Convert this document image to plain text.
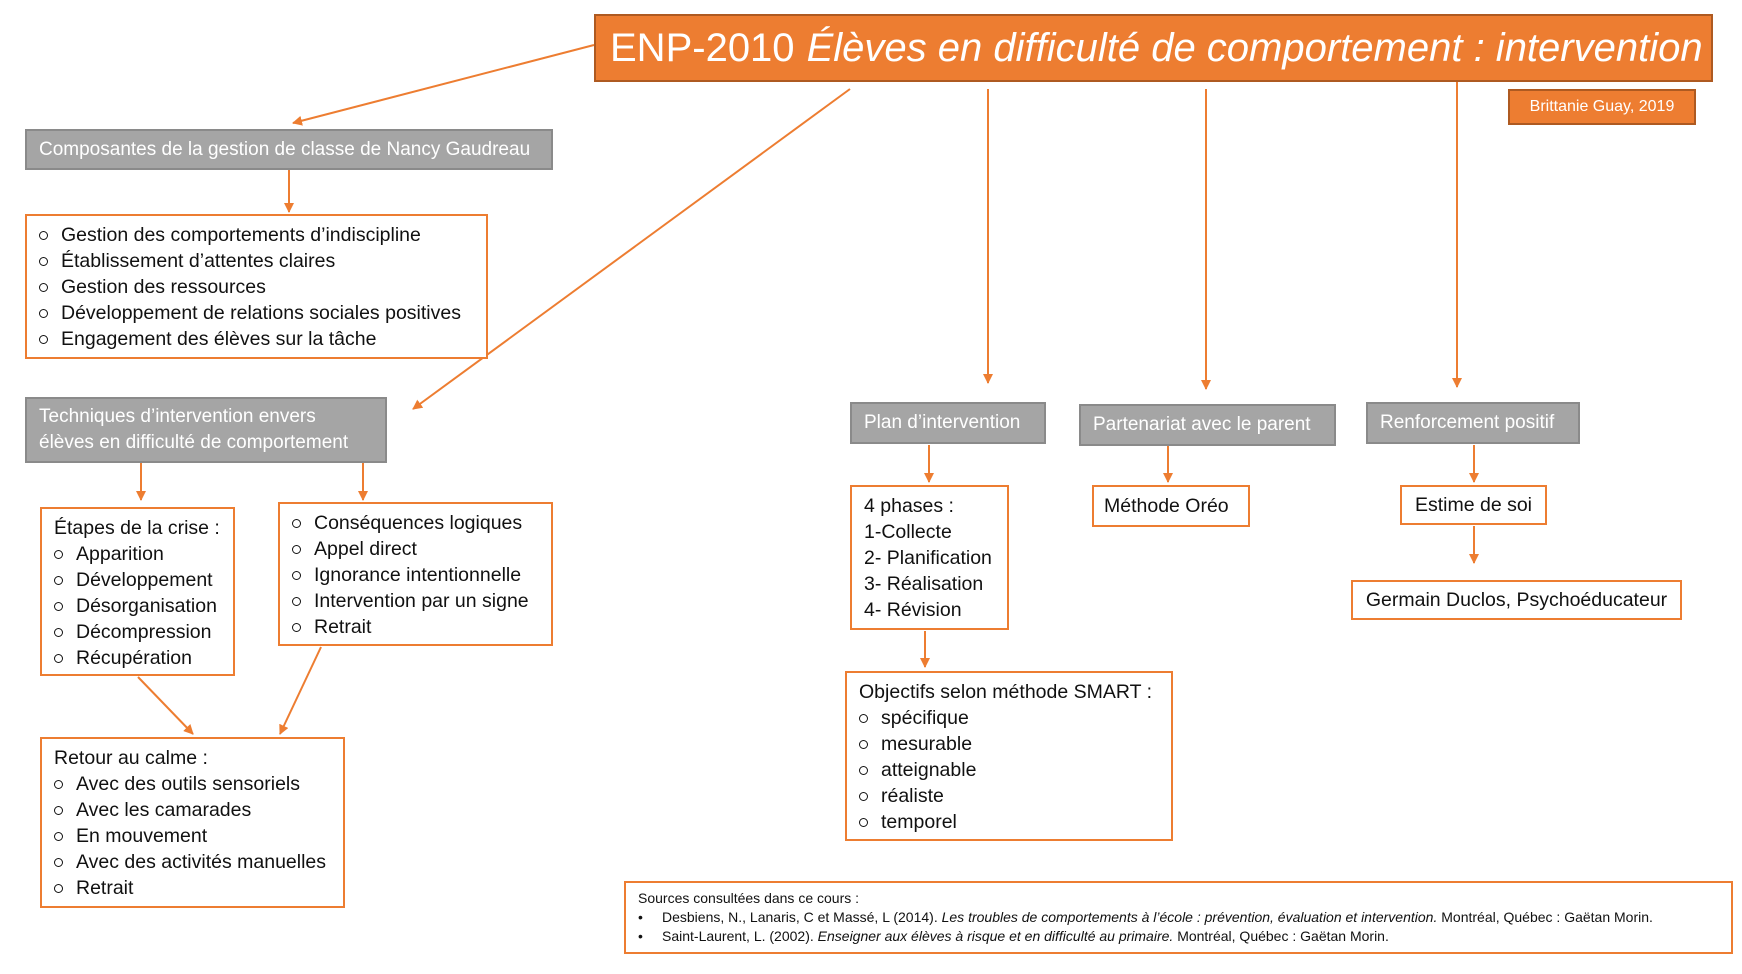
ENP-2010 Élèves en difficulté de comportement : intervention
Brittanie Guay, 2019
Composantes de la gestion de classe de Nancy Gaudreau
Gestion des comportements d’indiscipline
Établissement d’attentes claires
Gestion des ressources
Développement de relations sociales positives
Engagement des élèves sur la tâche
Techniques d’intervention envers
élèves en difficulté de comportement
Étapes de la crise :
Apparition
Développement
Désorganisation
Décompression
Récupération
Conséquences logiques
Appel direct
Ignorance intentionnelle
Intervention par un signe
Retrait
Retour au calme :
Avec des outils sensoriels
Avec les camarades
En mouvement
Avec des activités manuelles
Retrait
Plan d’intervention
4 phases :
1-Collecte
2- Planification
3- Réalisation
4- Révision
Objectifs selon méthode SMART :
spécifique
mesurable
atteignable
réaliste
temporel
Partenariat avec le parent
Méthode Oréo
Renforcement positif
Estime de soi
Germain Duclos, Psychoéducateur
Sources consultées dans ce cours :
•	Desbiens, N., Lanaris, C et Massé, L (2014). Les troubles de comportements à l’école : prévention, évaluation et intervention. Montréal, Québec : Gaëtan Morin.
•	Saint-Laurent, L. (2002). Enseigner aux élèves à risque et en difficulté au primaire. Montréal, Québec : Gaëtan Morin.
